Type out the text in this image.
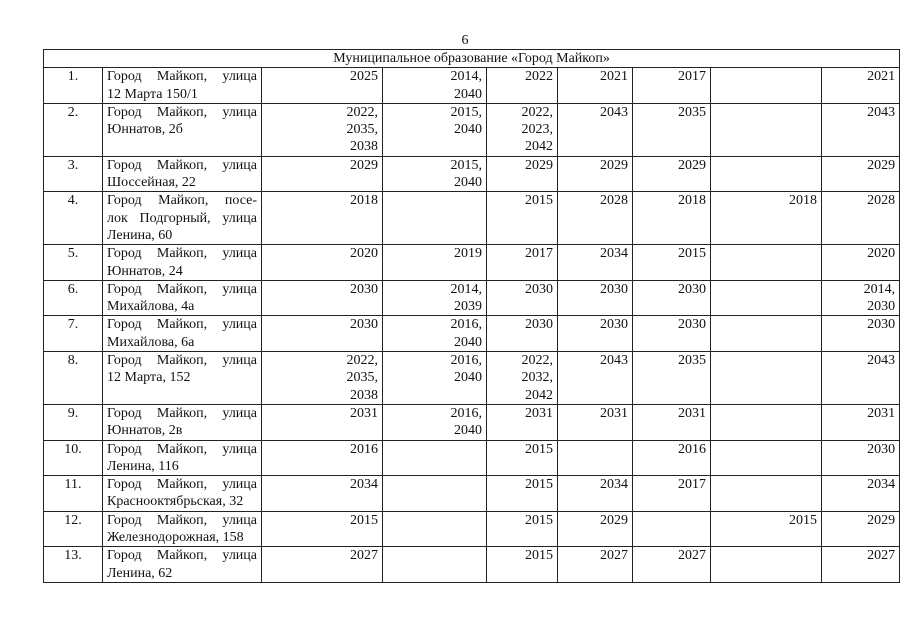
6
Муниципальное образование «Город Майкоп»								
1.	Город Майкоп, улица
12 Марта 150/1	2025	2014,
2040	2022	2021	2017		2021

2.	Город Майкоп, улица
Юннатов, 2б	2022,
2035,
2038	2015,
2040	2022,
2023,
2042	2043	2035		2043

3.	Город Майкоп, улица
Шоссейная, 22	2029	2015,
2040	2029	2029	2029		2029

4.	Город Майкоп, посе-
лок Подгорный, улица
Ленина, 60	2018		2015	2028	2018	2018	2028

5.	Город Майкоп, улица
Юннатов, 24	2020	2019	2017	2034	2015		2020

6.	Город Майкоп, улица
Михайлова, 4а	2030	2014,
2039	2030	2030	2030		2014,
2030

7.	Город Майкоп, улица
Михайлова, 6а	2030	2016,
2040	2030	2030	2030		2030

8.	Город Майкоп, улица
12 Марта, 152	2022,
2035,
2038	2016,
2040	2022,
2032,
2042	2043	2035		2043

9.	Город Майкоп, улица
Юннатов, 2в	2031	2016,
2040	2031	2031	2031		2031

10.	Город Майкоп, улица
Ленина, 116	2016		2015		2016		2030

11.	Город Майкоп, улица
Краснооктябрьская, 32	2034		2015	2034	2017		2034

12.	Город Майкоп, улица
Железнодорожная, 158	2015		2015	2029		2015	2029

13.	Город Майкоп, улица
Ленина, 62	2027		2015	2027	2027		2027
